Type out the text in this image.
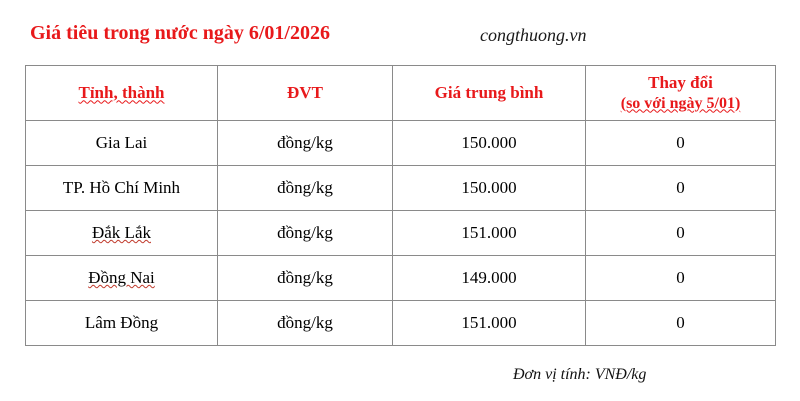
Giá tiêu trong nước ngày 6/01/2026	congthuong.vn
Tỉnh, thành	ĐVT	Giá trung bình	Thay đổi
(so với ngày 5/01)

Gia Lai	đồng/kg	150.000	0
TP. Hồ Chí Minh	đồng/kg	150.000	0
Đắk Lắk	đồng/kg	151.000	0
Đồng Nai	đồng/kg	149.000	0
Lâm Đồng	đồng/kg	151.000	0
Đơn vị tính: VNĐ/kg
